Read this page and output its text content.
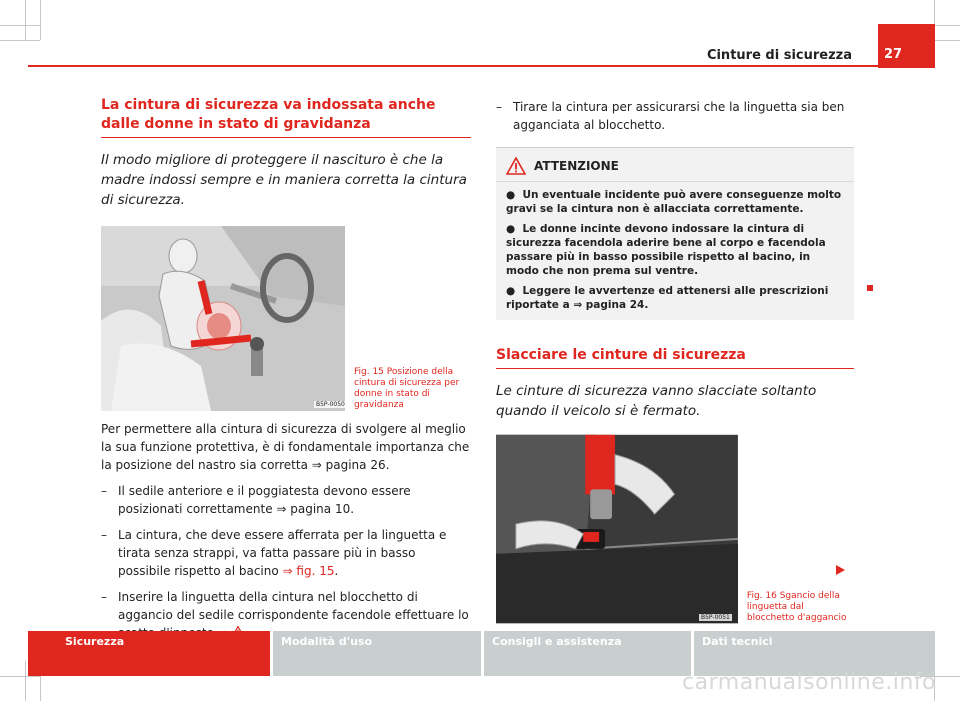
Cinture di sicurezza	27
La cintura di sicurezza va indossata anche dalle donne in stato di gravidanza
Il modo migliore di proteggere il nascituro è che la madre indossi sempre e in maniera corretta la cintura di sicurezza.
B5P-0050
Fig. 15 Posizione della cintura di sicurezza per donne in stato di gravidanza

Per permettere alla cintura di sicurezza di svolgere al meglio la sua funzione protettiva, è di fondamentale importanza che la posizione del nastro sia corretta ⇒ pagina 26.

– Il sedile anteriore e il poggiatesta devono essere posizionati correttamente ⇒ pagina 10.
– La cintura, che deve essere afferrata per la linguetta e tirata senza strappi, va fatta passare più in basso possibile rispetto al bacino ⇒ fig. 15.
– Inserire la linguetta della cintura nel blocchetto di aggancio del sedile corrispondente facendole effettuare lo
– Tirare la cintura per assicurarsi che la linguetta sia ben agganciata al blocchetto.
ATTENZIONE
●  Un eventuale incidente può avere conseguenze molto gravi se la cintura non è allacciata correttamente.
●  Le donne incinte devono indossare la cintura di sicurezza facendola aderire bene al corpo e facendola passare più in basso possibile rispetto al bacino, in modo che non prema sul ventre.
●  Leggere le avvertenze ed attenersi alle prescrizioni riportate a ⇒ pagina 24.
Slacciare le cinture di sicurezza
Le cinture di sicurezza vanno slacciate soltanto quando il veicolo si è fermato.
B5P-0051
Fig. 16 Sgancio della linguetta dal blocchetto d'aggancio
Sicurezza	Modalità d'uso	Consigli e assistenza	Dati tecnici
carmanualsonline.info
